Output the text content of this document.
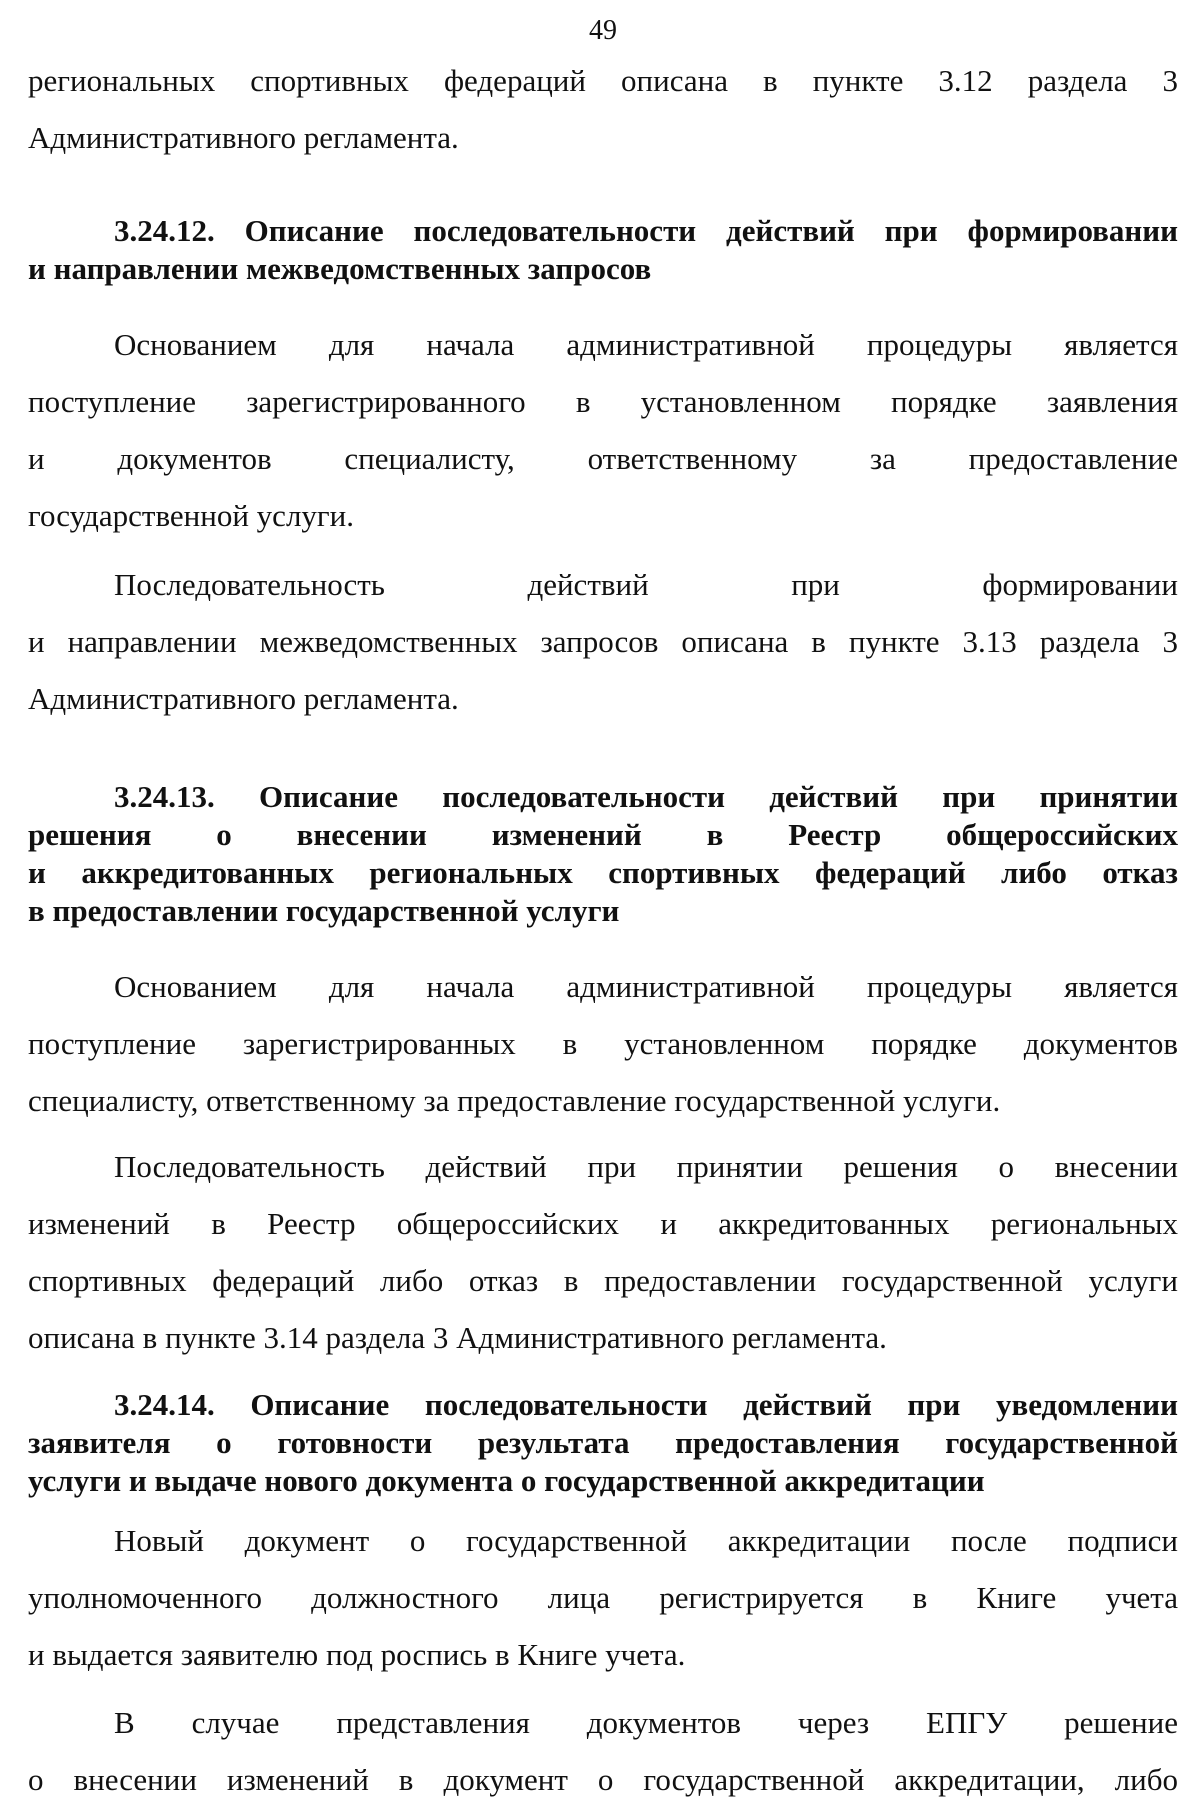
49
региональных спортивных федераций описана в пункте 3.12 раздела 3
Административного регламента.
3.24.12. Описание последовательности действий при формировании
и направлении межведомственных запросов
Основанием для начала административной процедуры является
поступление зарегистрированного в установленном порядке заявления
и документов специалисту, ответственному за предоставление
государственной услуги.
Последовательность действий при формировании
и направлении межведомственных запросов описана в пункте 3.13 раздела 3
Административного регламента.
3.24.13. Описание последовательности действий при принятии
решения о внесении изменений в Реестр общероссийских
и аккредитованных региональных спортивных федераций либо отказ
в предоставлении государственной услуги
Основанием для начала административной процедуры является
поступление зарегистрированных в установленном порядке документов
специалисту, ответственному за предоставление государственной услуги.
Последовательность действий при принятии решения о внесении
изменений в Реестр общероссийских и аккредитованных региональных
спортивных федераций либо отказ в предоставлении государственной услуги
описана в пункте 3.14 раздела 3 Административного регламента.
3.24.14. Описание последовательности действий при уведомлении
заявителя о готовности результата предоставления государственной
услуги и выдаче нового документа о государственной аккредитации
Новый документ о государственной аккредитации после подписи
уполномоченного должностного лица регистрируется в Книге учета
и выдается заявителю под роспись в Книге учета.
В случае представления документов через ЕПГУ решение
о внесении изменений в документ о государственной аккредитации, либо
